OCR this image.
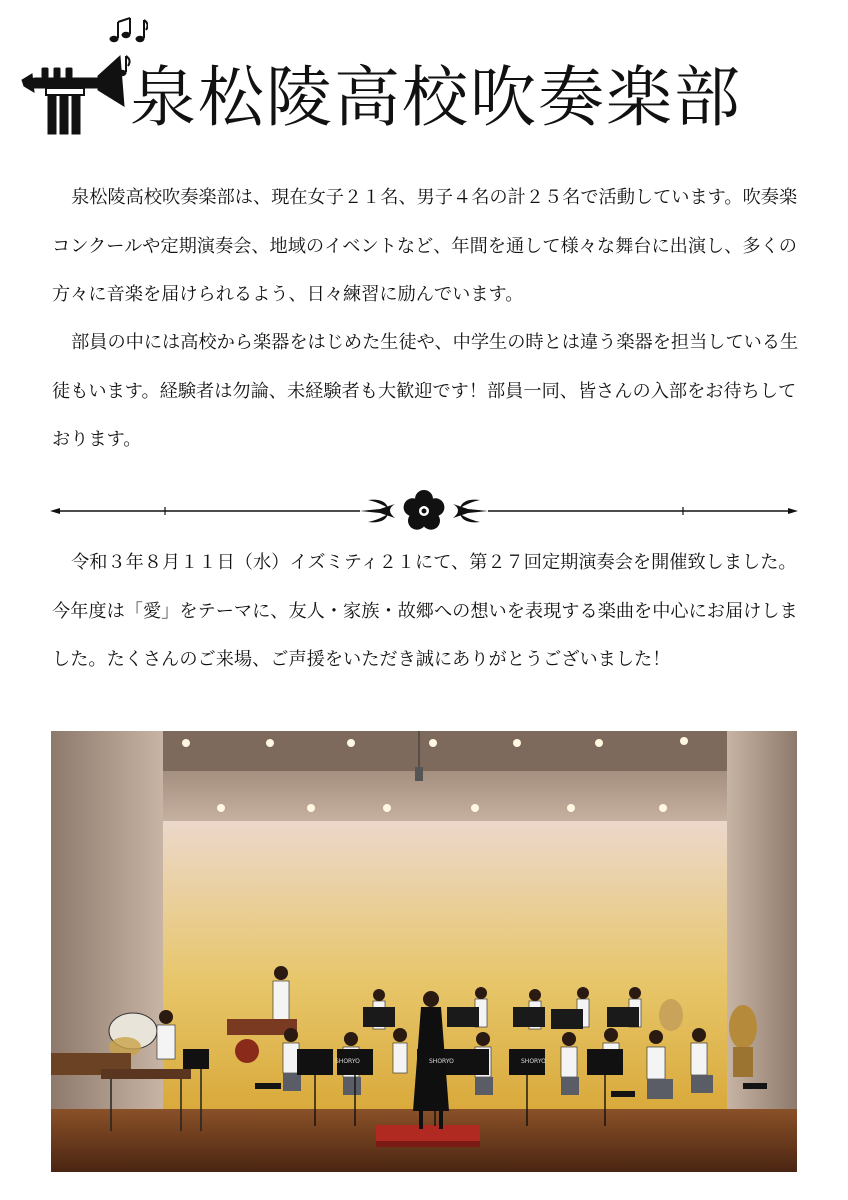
泉松陵高校吹奏楽部

泉松陵高校吹奏楽部は、現在女子２１名、男子４名の計２５名で活動しています。吹奏楽コンクールや定期演奏会、地域のイベントなど、年間を通して様々な舞台に出演し、多くの方々に音楽を届けられるよう、日々練習に励んでいます。

部員の中には高校から楽器をはじめた生徒や、中学生の時とは違う楽器を担当している生徒もいます。経験者は勿論、未経験者も大歓迎です！部員一同、皆さんの入部をお待ちしております。

令和３年８月１１日（水）イズミティ２１にて、第２７回定期演奏会を開催致しました。今年度は「愛」をテーマに、友人・家族・故郷への想いを表現する楽曲を中心にお届けしました。たくさんのご来場、ご声援をいただき誠にありがとうございました！

SHORYO	SHORYO	SHORYO
